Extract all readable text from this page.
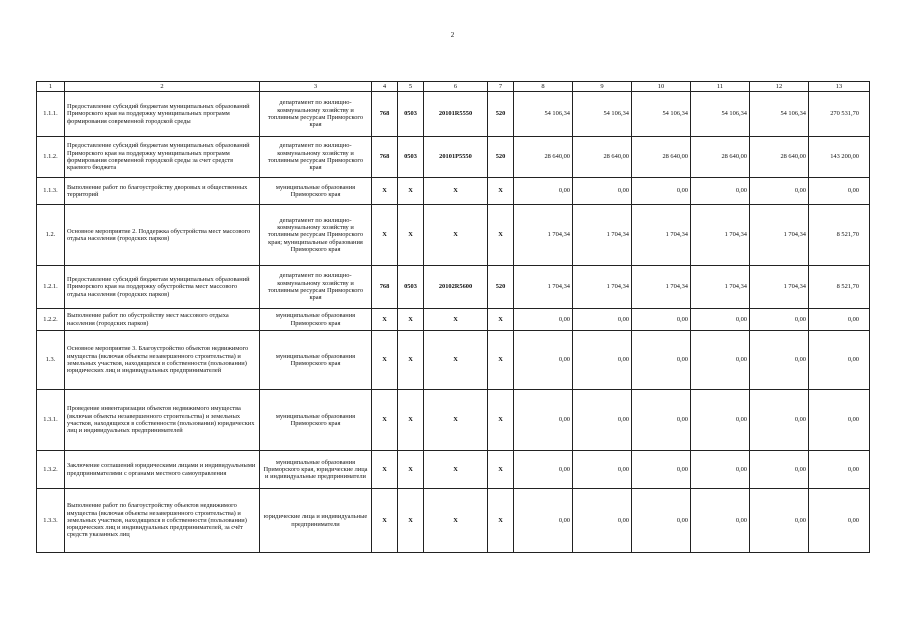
2
1	2	3	4	5	6	7	8	9	10	11	12	13
1.1.1.	Предоставление субсидий бюджетам муниципальных образований Приморского края на поддержку муниципальных программ формирования современной городской среды	департамент по жилищно-коммунальному хозяйству и топливным ресурсам Приморского края	768	0503	20101R5550	520	54 106,34	54 106,34	54 106,34	54 106,34	54 106,34	270 531,70
1.1.2.	Предоставление субсидий бюджетам муниципальных образований Приморского края на поддержку муниципальных программ формирования современной городской среды за счет средств краевого бюджета	департамент по жилищно-коммунальному хозяйству и топливным ресурсам Приморского края	768	0503	20101P5550	520	28 640,00	28 640,00	28 640,00	28 640,00	28 640,00	143 200,00
1.1.3.	Выполнение работ по благоустройству дворовых и общественных территорий	муниципальные образования Приморского края	X	X	X	X	0,00	0,00	0,00	0,00	0,00	0,00
1.2.	Основное мероприятие 2. Поддержка обустройства мест массового отдыха населения (городских парков)	департамент по жилищно-коммунальному хозяйству и топливным ресурсам Приморского края; муниципальные образования Приморского края	X	X	X	X	1 704,34	1 704,34	1 704,34	1 704,34	1 704,34	8 521,70
1.2.1.	Предоставление субсидий бюджетам муниципальных образований Приморского края на поддержку обустройства мест массового отдыха населения (городских парков)	департамент по жилищно-коммунальному хозяйству и топливным ресурсам Приморского края	768	0503	20102R5600	520	1 704,34	1 704,34	1 704,34	1 704,34	1 704,34	8 521,70
1.2.2.	Выполнение работ по обустройству мест массового отдыха населения (городских парков)	муниципальные образования Приморского края	X	X	X	X	0,00	0,00	0,00	0,00	0,00	0,00
1.3.	Основное мероприятие 3. Благоустройство объектов недвижимого имущества (включая объекты незавершенного строительства) и земельных участков, находящихся в собственности (пользовании) юридических лиц и индивидуальных предпринимателей	муниципальные образования Приморского края	X	X	X	X	0,00	0,00	0,00	0,00	0,00	0,00
1.3.1.	Проведение инвентаризации объектов недвижимого имущества (включая объекты незавершенного строительства) и земельных участков, находящихся в собственности (пользовании) юридических лиц и индивидуальных предпринимателей	муниципальные образования Приморского края	X	X	X	X	0,00	0,00	0,00	0,00	0,00	0,00
1.3.2.	Заключение соглашений юридическими лицами и индивидуальными предпринимателями с органами местного самоуправления	муниципальные образования Приморского края, юридические лица и индивидуальные предприниматели	X	X	X	X	0,00	0,00	0,00	0,00	0,00	0,00
1.3.3.	Выполнение работ по благоустройству объектов недвижимого имущества (включая объекты незавершенного строительства) и земельных участков, находящихся в собственности (пользовании) юридических лиц и индивидуальных предпринимателей, за счёт средств указанных лиц	юридические лица и индивидуальные предприниматели	X	X	X	X	0,00	0,00	0,00	0,00	0,00	0,00
